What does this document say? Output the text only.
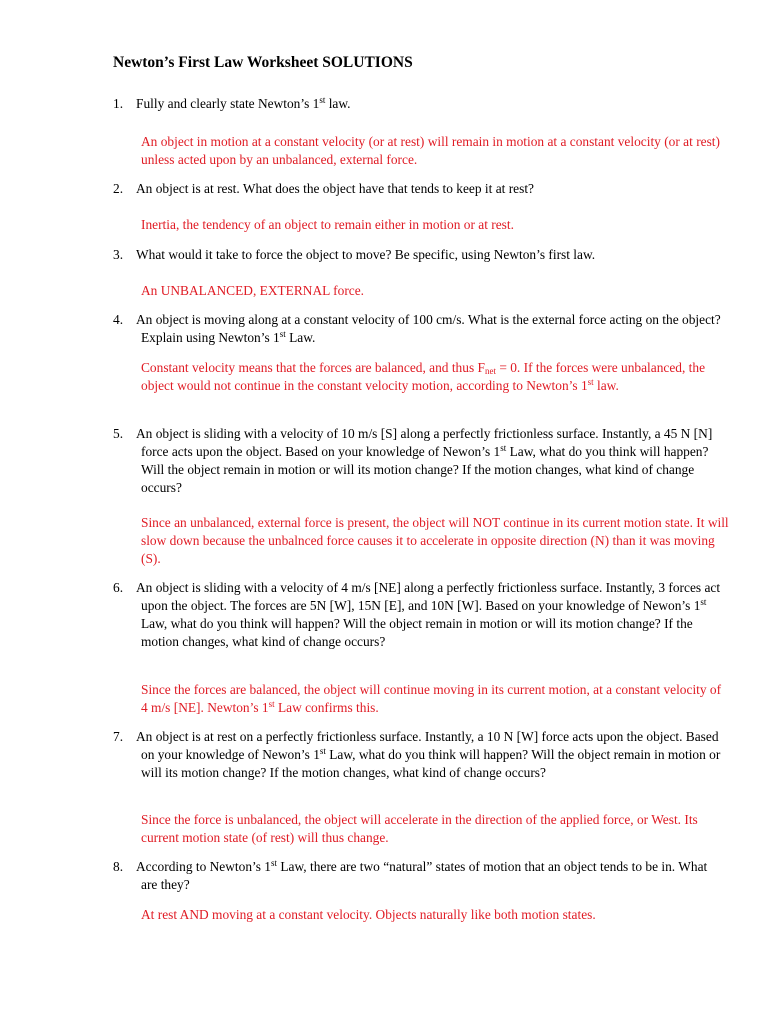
Newton’s First Law Worksheet SOLUTIONS
1. Fully and clearly state Newton’s 1st law.
An object in motion at a constant velocity (or at rest) will remain in motion at a constant velocity (or at rest) unless acted upon by an unbalanced, external force.
2. An object is at rest. What does the object have that tends to keep it at rest?
Inertia, the tendency of an object to remain either in motion or at rest.
3. What would it take to force the object to move? Be specific, using Newton’s first law.
An UNBALANCED, EXTERNAL force.
4. An object is moving along at a constant velocity of 100 cm/s. What is the external force acting on the object? Explain using Newton’s 1st Law.
Constant velocity means that the forces are balanced, and thus $F_{net} = 0$. If the forces were unbalanced, the object would not continue in the constant velocity motion, according to Newton’s 1st law.
5. An object is sliding with a velocity of 10 m/s [S] along a perfectly frictionless surface. Instantly, a 45 N [N] force acts upon the object. Based on your knowledge of Newon’s 1st Law, what do you think will happen? Will the object remain in motion or will its motion change? If the motion changes, what kind of change occurs?
Since an unbalanced, external force is present, the object will NOT continue in its current motion state. It will slow down because the unbalnced force causes it to accelerate in opposite direction (N) than it was moving (S).
6. An object is sliding with a velocity of 4 m/s [NE] along a perfectly frictionless surface. Instantly, 3 forces act upon the object. The forces are 5N [W], 15N [E], and 10N [W]. Based on your knowledge of Newon’s 1st Law, what do you think will happen? Will the object remain in motion or will its motion change? If the motion changes, what kind of change occurs?
Since the forces are balanced, the object will continue moving in its current motion, at a constant velocity of 4 m/s [NE]. Newton’s 1st Law confirms this.
7. An object is at rest on a perfectly frictionless surface. Instantly, a 10 N [W] force acts upon the object. Based on your knowledge of Newon’s 1st Law, what do you think will happen? Will the object remain in motion or will its motion change? If the motion changes, what kind of change occurs?
Since the force is unbalanced, the object will accelerate in the direction of the applied force, or West. Its current motion state (of rest) will thus change.
8. According to Newton’s 1st Law, there are two “natural” states of motion that an object tends to be in. What are they?
At rest AND moving at a constant velocity. Objects naturally like both motion states.
